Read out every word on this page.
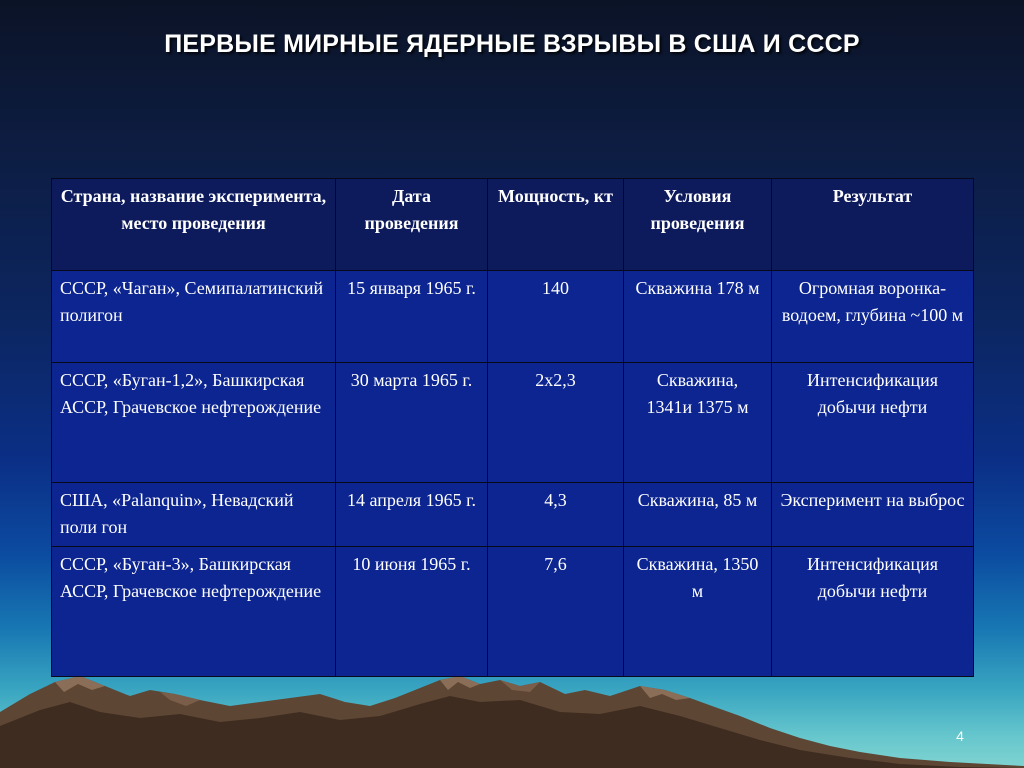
ПЕРВЫЕ МИРНЫЕ ЯДЕРНЫЕ ВЗРЫВЫ В США И СССР
Страна, название эксперимента, место проведения	Дата проведения	Мощность, кт	Условия проведения	Результат
СССР, «Чаган», Семипалатинский полигон	15 января 1965 г.	140	Скважина 178 м	Огромная воронка-водоем, глубина ~100 м
СССР, «Буган-1,2», Башкирская АССР, Грачевское нефтерождение	30 марта 1965 г.	2х2,3	Скважина, 1341и 1375 м	Интенсификация добычи нефти
США, «Palanquin», Невадский поли гон	14 апреля 1965 г.	4,3	Скважина, 85 м	Эксперимент на выброс
СССР, «Буган-3», Башкирская АССР, Грачевское нефтерождение	10 июня 1965 г.	7,6	Скважина, 1350 м	Интенсификация добычи нефти
4
